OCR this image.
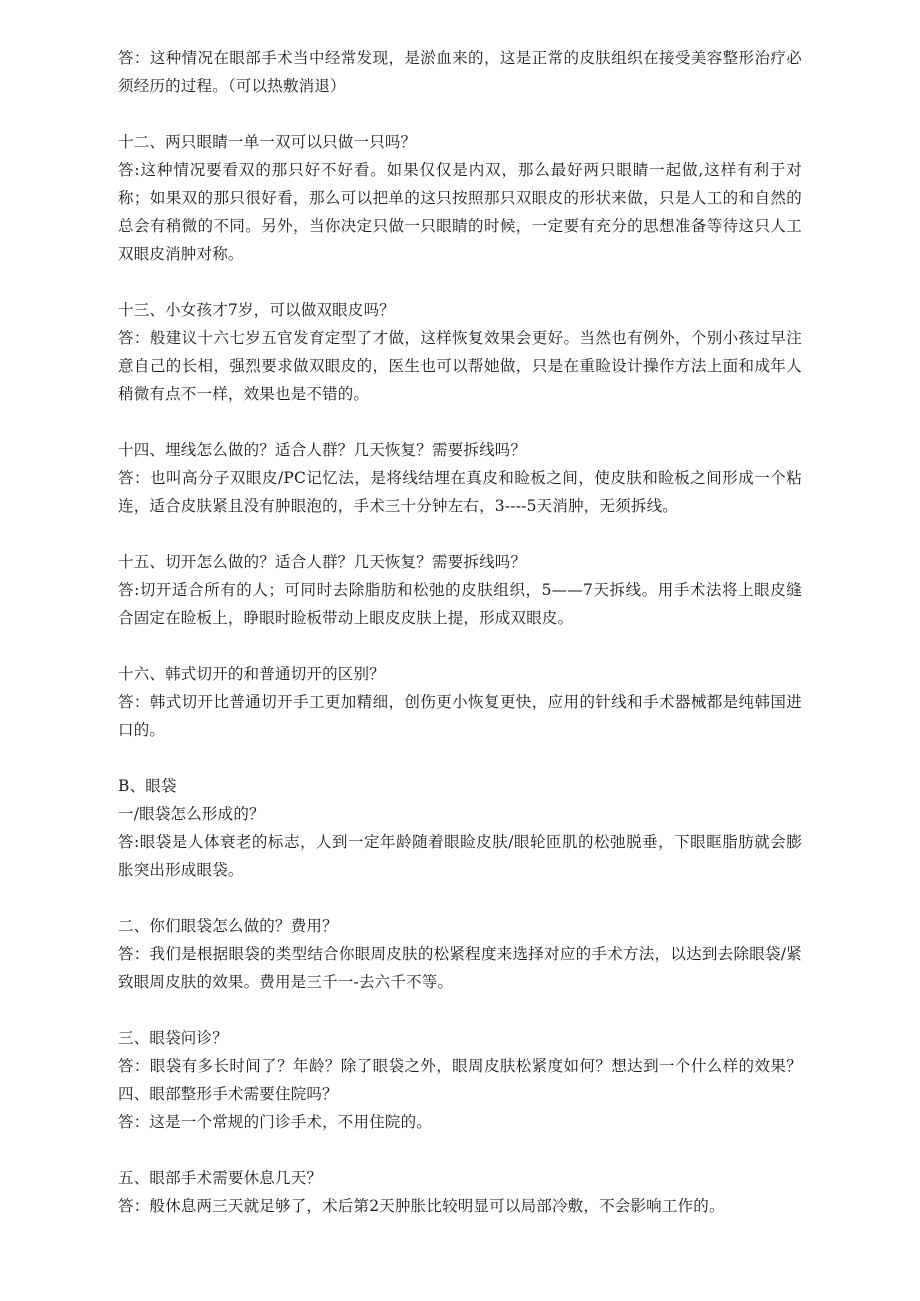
答：这种情况在眼部手术当中经常发现，是淤血来的，这是正常的皮肤组织在接受美容整形治疗必须经历的过程。（可以热敷消退）

十二、两只眼睛一单一双可以只做一只吗？

答:这种情况要看双的那只好不好看。如果仅仅是内双，那么最好两只眼睛一起做,这样有利于对称；如果双的那只很好看，那么可以把单的这只按照那只双眼皮的形状来做，只是人工的和自然的总会有稍微的不同。另外，当你决定只做一只眼睛的时候，一定要有充分的思想准备等待这只人工双眼皮消肿对称。

十三、小女孩才7岁，可以做双眼皮吗？

答：般建议十六七岁五官发育定型了才做，这样恢复效果会更好。当然也有例外，个别小孩过早注意自己的长相，强烈要求做双眼皮的，医生也可以帮她做，只是在重睑设计操作方法上面和成年人稍微有点不一样，效果也是不错的。

十四、埋线怎么做的？适合人群？几天恢复？需要拆线吗？

答：也叫高分子双眼皮/PC记忆法，是将线结埋在真皮和睑板之间，使皮肤和睑板之间形成一个粘连，适合皮肤紧且没有肿眼泡的，手术三十分钟左右，3----5天消肿，无须拆线。

十五、切开怎么做的？适合人群？几天恢复？需要拆线吗？

答:切开适合所有的人；可同时去除脂肪和松弛的皮肤组织，5——7天拆线。用手术法将上眼皮缝合固定在睑板上，睁眼时睑板带动上眼皮皮肤上提，形成双眼皮。

十六、韩式切开的和普通切开的区别？

答：韩式切开比普通切开手工更加精细，创伤更小恢复更快，应用的针线和手术器械都是纯韩国进口的。

B、眼袋

一/眼袋怎么形成的？

答:眼袋是人体衰老的标志，人到一定年龄随着眼睑皮肤/眼轮匝肌的松弛脱垂，下眼眶脂肪就会膨胀突出形成眼袋。

二、你们眼袋怎么做的？费用？

答：我们是根据眼袋的类型结合你眼周皮肤的松紧程度来选择对应的手术方法，以达到去除眼袋/紧致眼周皮肤的效果。费用是三千一-去六千不等。

三、眼袋问诊？

答：眼袋有多长时间了？年龄？除了眼袋之外，眼周皮肤松紧度如何？想达到一个什么样的效果？四、眼部整形手术需要住院吗？

答：这是一个常规的门诊手术，不用住院的。

五、眼部手术需要休息几天？

答：般休息两三天就足够了，术后第2天肿胀比较明显可以局部冷敷，不会影响工作的。
